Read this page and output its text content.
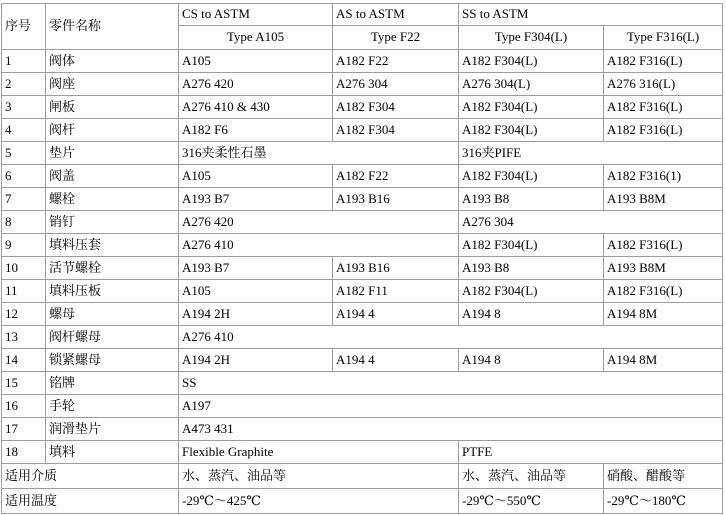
序号	零件名称	CS to ASTM	AS to ASTM	SS to ASTM	
		Type A105	Type F22	Type F304(L)	Type F316(L)
1	阀体	A105	A182 F22	A182 F304(L)	A182 F316(L)
2	阀座	A276 420	A276 304	A276 304(L)	A276 316(L)
3	闸板	A276 410 & 430	A182 F304	A182 F304(L)	A182 F316(L)
4	阀杆	A182 F6	A182 F304	A182 F304(L)	A182 F316(L)
5	垫片	316夹柔性石墨		316夹PIFE	
6	阀盖	A105	A182 F22	A182 F304(L)	A182 F316(1)
7	螺栓	A193 B7	A193 B16	A193 B8	A193 B8M
8	销钉	A276 420		A276 304	
9	填料压套	A276 410		A182 F304(L)	A182 F316(L)
10	活节螺栓	A193 B7	A193 B16	A193 B8	A193 B8M
11	填料压板	A105	A182 F11	A182 F304(L)	A182 F316(L)
12	螺母	A194 2H	A194 4	A194 8	A194 8M
13	阀杆螺母	A276 410			
14	锁紧螺母	A194 2H	A194 4	A194 8	A194 8M
15	铭牌	SS			
16	手轮	A197			
17	润滑垫片	A473 431			
18	填料	Flexible Graphite		PTFE	
适用介质		水、蒸汽、油品等		水、蒸汽、油品等	硝酸、醋酸等
适用温度		-29℃～425℃		-29℃～550℃	-29℃～180℃
